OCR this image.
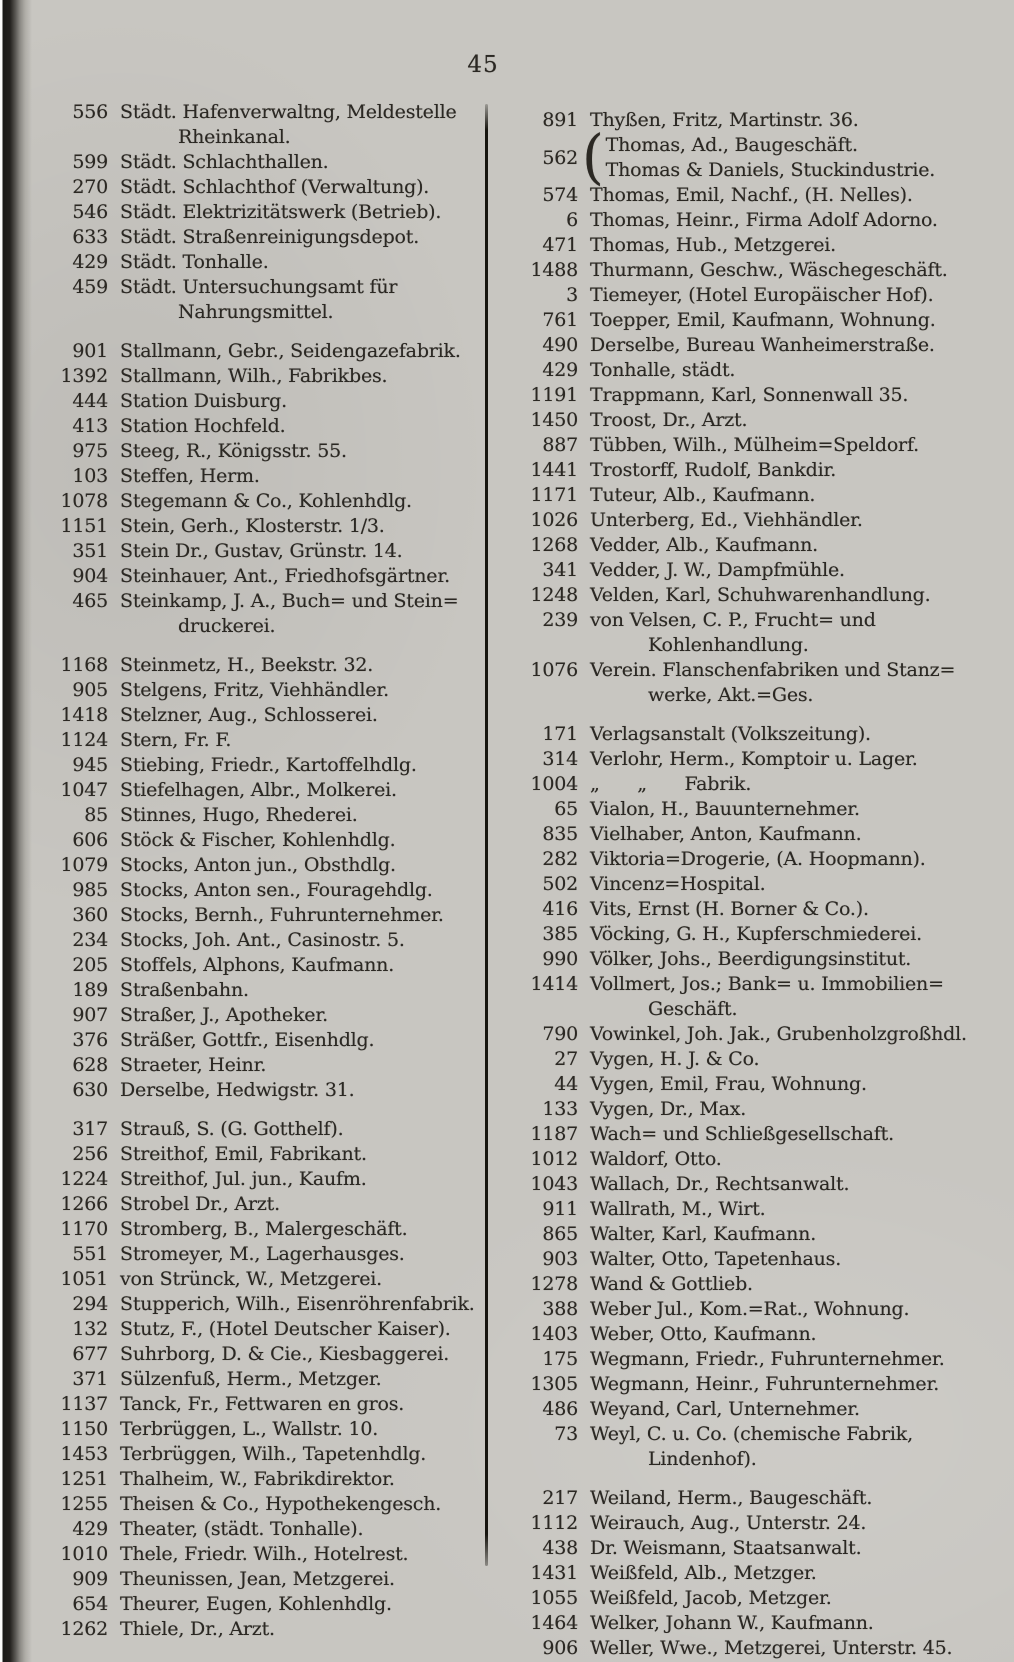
45
556 Städt. Hafenverwaltng, Meldestelle
Rheinkanal.
599 Städt. Schlachthallen.
270 Städt. Schlachthof (Verwaltung).
546 Städt. Elektrizitätswerk (Betrieb).
633 Städt. Straßenreinigungsdepot.
429 Städt. Tonhalle.
459 Städt. Untersuchungsamt für
Nahrungsmittel.
901 Stallmann, Gebr., Seidengazefabrik.
1392 Stallmann, Wilh., Fabrikbes.
444 Station Duisburg.
413 Station Hochfeld.
975 Steeg, R., Königsstr. 55.
103 Steffen, Herm.
1078 Stegemann & Co., Kohlenhdlg.
1151 Stein, Gerh., Klosterstr. 1/3.
351 Stein Dr., Gustav, Grünstr. 14.
904 Steinhauer, Ant., Friedhofsgärtner.
465 Steinkamp, J. A., Buch= und Stein=
druckerei.
1168 Steinmetz, H., Beekstr. 32.
905 Stelgens, Fritz, Viehhändler.
1418 Stelzner, Aug., Schlosserei.
1124 Stern, Fr. F.
945 Stiebing, Friedr., Kartoffelhdlg.
1047 Stiefelhagen, Albr., Molkerei.
85 Stinnes, Hugo, Rhederei.
606 Stöck & Fischer, Kohlenhdlg.
1079 Stocks, Anton jun., Obsthdlg.
985 Stocks, Anton sen., Fouragehdlg.
360 Stocks, Bernh., Fuhrunternehmer.
234 Stocks, Joh. Ant., Casinostr. 5.
205 Stoffels, Alphons, Kaufmann.
189 Straßenbahn.
907 Straßer, J., Apotheker.
376 Sträßer, Gottfr., Eisenhdlg.
628 Straeter, Heinr.
630 Derselbe, Hedwigstr. 31.
317 Strauß, S. (G. Gotthelf).
256 Streithof, Emil, Fabrikant.
1224 Streithof, Jul. jun., Kaufm.
1266 Strobel Dr., Arzt.
1170 Stromberg, B., Malergeschäft.
551 Stromeyer, M., Lagerhausges.
1051 von Strünck, W., Metzgerei.
294 Stupperich, Wilh., Eisenröhrenfabrik.
132 Stutz, F., (Hotel Deutscher Kaiser).
677 Suhrborg, D. & Cie., Kiesbaggerei.
371 Sülzenfuß, Herm., Metzger.
1137 Tanck, Fr., Fettwaren en gros.
1150 Terbrüggen, L., Wallstr. 10.
1453 Terbrüggen, Wilh., Tapetenhdlg.
1251 Thalheim, W., Fabrikdirektor.
1255 Theisen & Co., Hypothekengesch.
429 Theater, (städt. Tonhalle).
1010 Thele, Friedr. Wilh., Hotelrest.
909 Theunissen, Jean, Metzgerei.
654 Theurer, Eugen, Kohlenhdlg.
1262 Thiele, Dr., Arzt.
891 Thyßen, Fritz, Martinstr. 36.
562 ( Thomas, Ad., Baugeschäft.
Thomas & Daniels, Stuckindustrie.
574 Thomas, Emil, Nachf., (H. Nelles).
6 Thomas, Heinr., Firma Adolf Adorno.
471 Thomas, Hub., Metzgerei.
1488 Thurmann, Geschw., Wäschegeschäft.
3 Tiemeyer, (Hotel Europäischer Hof).
761 Toepper, Emil, Kaufmann, Wohnung.
490 Derselbe, Bureau Wanheimerstraße.
429 Tonhalle, städt.
1191 Trappmann, Karl, Sonnenwall 35.
1450 Troost, Dr., Arzt.
887 Tübben, Wilh., Mülheim=Speldorf.
1441 Trostorff, Rudolf, Bankdir.
1171 Tuteur, Alb., Kaufmann.
1026 Unterberg, Ed., Viehhändler.
1268 Vedder, Alb., Kaufmann.
341 Vedder, J. W., Dampfmühle.
1248 Velden, Karl, Schuhwarenhandlung.
239 von Velsen, C. P., Frucht= und
Kohlenhandlung.
1076 Verein. Flanschenfabriken und Stanz=
werke, Akt.=Ges.
171 Verlagsanstalt (Volkszeitung).
314 Verlohr, Herm., Komptoir u. Lager.
1004 „  „  Fabrik.
65 Vialon, H., Bauunternehmer.
835 Vielhaber, Anton, Kaufmann.
282 Viktoria=Drogerie, (A. Hoopmann).
502 Vincenz=Hospital.
416 Vits, Ernst (H. Borner & Co.).
385 Vöcking, G. H., Kupferschmiederei.
990 Völker, Johs., Beerdigungsinstitut.
1414 Vollmert, Jos.; Bank= u. Immobilien=
Geschäft.
790 Vowinkel, Joh. Jak., Grubenholzgroßhdl.
27 Vygen, H. J. & Co.
44 Vygen, Emil, Frau, Wohnung.
133 Vygen, Dr., Max.
1187 Wach= und Schließgesellschaft.
1012 Waldorf, Otto.
1043 Wallach, Dr., Rechtsanwalt.
911 Wallrath, M., Wirt.
865 Walter, Karl, Kaufmann.
903 Walter, Otto, Tapetenhaus.
1278 Wand & Gottlieb.
388 Weber Jul., Kom.=Rat., Wohnung.
1403 Weber, Otto, Kaufmann.
175 Wegmann, Friedr., Fuhrunternehmer.
1305 Wegmann, Heinr., Fuhrunternehmer.
486 Weyand, Carl, Unternehmer.
73 Weyl, C. u. Co. (chemische Fabrik,
Lindenhof).
217 Weiland, Herm., Baugeschäft.
1112 Weirauch, Aug., Unterstr. 24.
438 Dr. Weismann, Staatsanwalt.
1431 Weißfeld, Alb., Metzger.
1055 Weißfeld, Jacob, Metzger.
1464 Welker, Johann W., Kaufmann.
906 Weller, Wwe., Metzgerei, Unterstr. 45.
